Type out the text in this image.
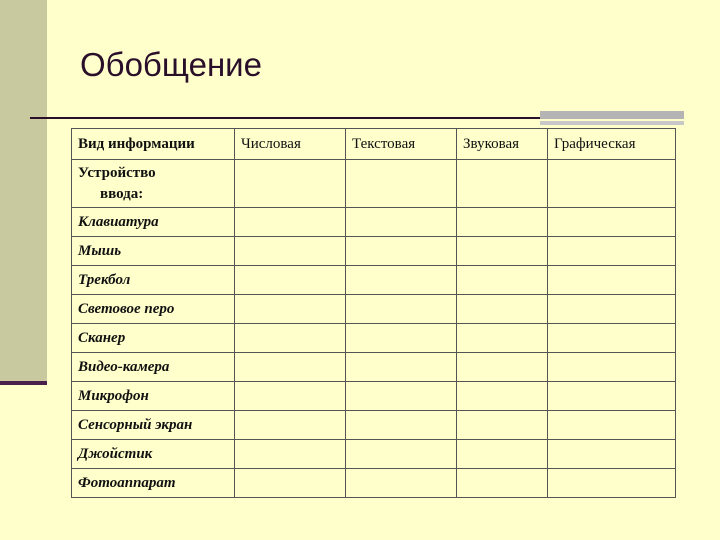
Обобщение
Вид информации	Числовая	Текстовая	Звуковая	Графическая
Устройство
ввода:				
Клавиатура				
Мышь				
Трекбол				
Световое перо				
Сканер				
Видео-камера				
Микрофон				
Сенсорный экран				
Джойстик				
Фотоаппарат				
